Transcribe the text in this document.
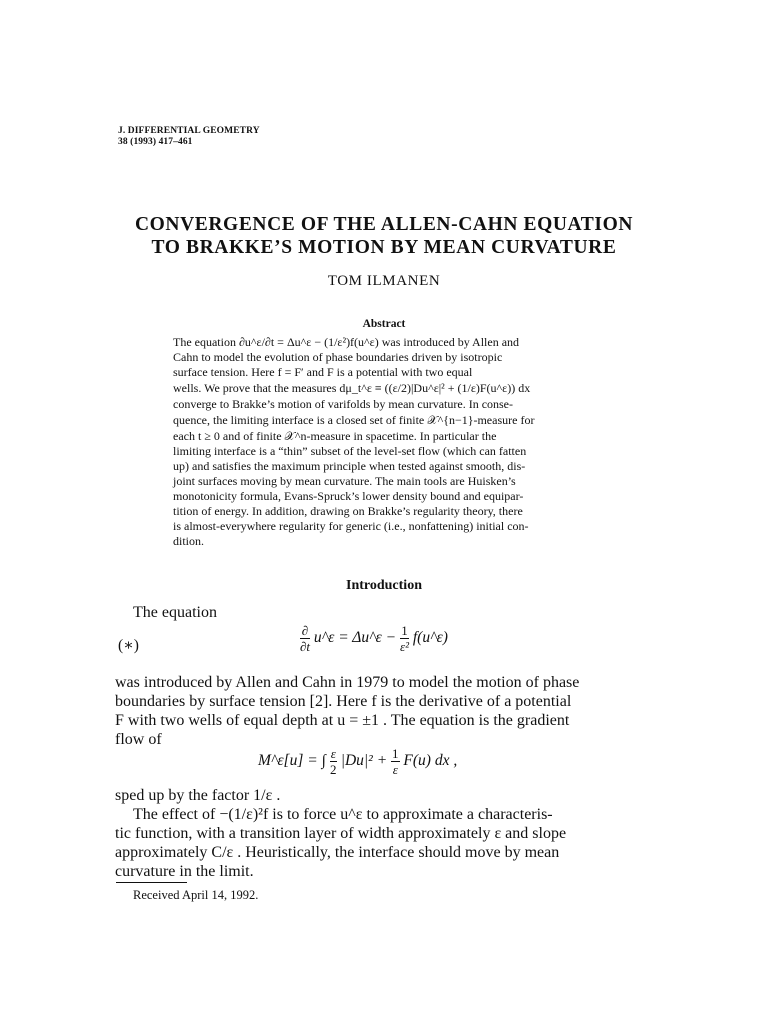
J. DIFFERENTIAL GEOMETRY
38 (1993) 417–461
CONVERGENCE OF THE ALLEN-CAHN EQUATION
TO BRAKKE’S MOTION BY MEAN CURVATURE
TOM ILMANEN
Abstract
The equation ∂u^ε/∂t = Δu^ε − (1/ε²)f(u^ε) was introduced by Allen and
Cahn to model the evolution of phase boundaries driven by isotropic
surface tension. Here f = F′ and F is a potential with two equal
wells. We prove that the measures dμ_t^ε ≡ ((ε/2)|Du^ε|² + (1/ε)F(u^ε)) dx
converge to Brakke’s motion of varifolds by mean curvature. In conse-
quence, the limiting interface is a closed set of finite 𝒳^{n−1}-measure for
each t ≥ 0 and of finite 𝒳^n-measure in spacetime. In particular the
limiting interface is a “thin” subset of the level-set flow (which can fatten
up) and satisfies the maximum principle when tested against smooth, dis-
joint surfaces moving by mean curvature. The main tools are Huisken’s
monotonicity formula, Evans-Spruck’s lower density bound and equipar-
tition of energy. In addition, drawing on Brakke’s regularity theory, there
is almost-everywhere regularity for generic (i.e., nonfattening) initial con-
dition.
Introduction
The equation
(∗)	$\frac{\partial}{\partial t}$ u^ε = Δu^ε − $\frac{1}{\text{ε²}}$ f(u^ε)
was introduced by Allen and Cahn in 1979 to model the motion of phase
boundaries by surface tension [2]. Here f is the derivative of a potential
F with two wells of equal depth at u = ±1 . The equation is the gradient
flow of
M^ε[u] = ∫ $\frac{\varepsilon}{2} |Du|^2 + \frac{1}{\varepsilon} F(u)$ dx ,
sped up by the factor 1/ε .
The effect of −(1/ε)²f is to force u^ε to approximate a characteris-
tic function, with a transition layer of width approximately ε and slope
approximately C/ε . Heuristically, the interface should move by mean
curvature in the limit.
Received April 14, 1992.
